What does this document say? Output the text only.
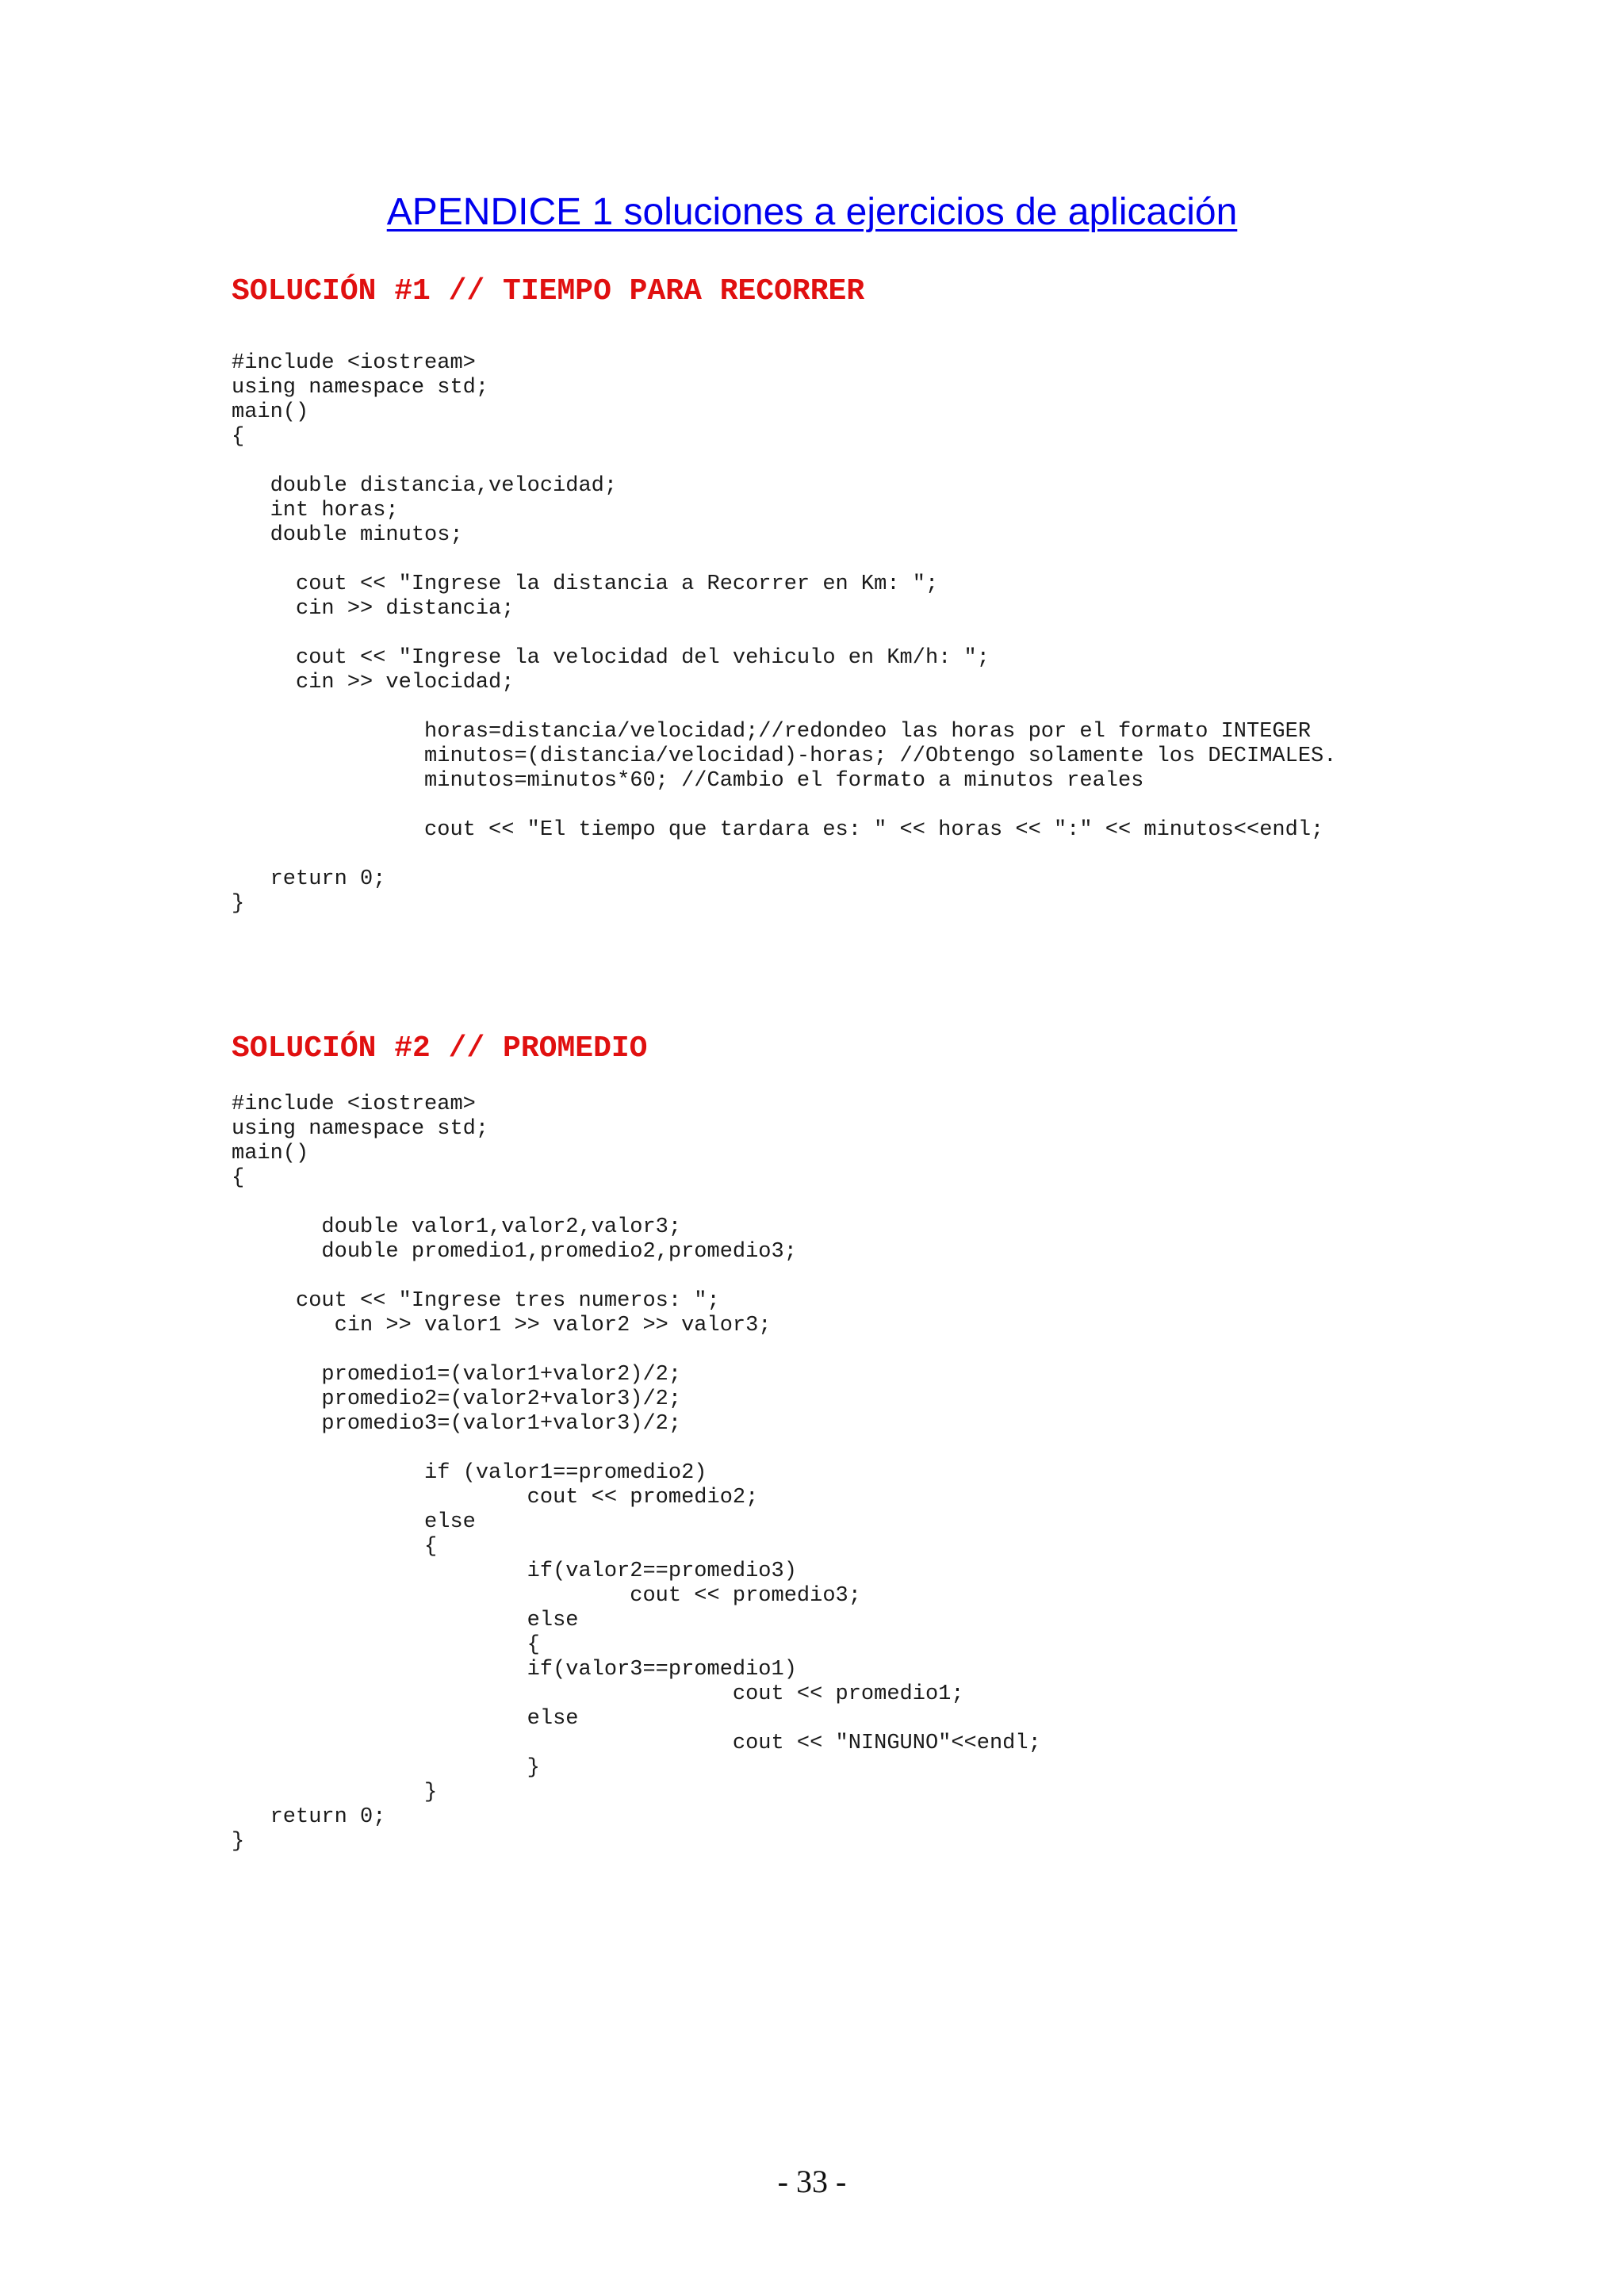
APENDICE 1 soluciones a ejercicios de aplicación
SOLUCIÓN #1 // TIEMPO PARA RECORRER
#include <iostream>
using namespace std;
main()
{
double distancia,velocidad;
int horas;
double minutos;
cout << "Ingrese la distancia a Recorrer en Km: ";
cin >> distancia;
cout << "Ingrese la velocidad del vehiculo en Km/h: ";
cin >> velocidad;
horas=distancia/velocidad;//redondeo las horas por el formato INTEGER
minutos=(distancia/velocidad)-horas; //Obtengo solamente los DECIMALES.
minutos=minutos*60; //Cambio el formato a minutos reales
cout << "El tiempo que tardara es: " << horas << ":" << minutos<<endl;
return 0;
}
SOLUCIÓN #2 // PROMEDIO
#include <iostream>
using namespace std;
main()
{
double valor1,valor2,valor3;
double promedio1,promedio2,promedio3;
cout << "Ingrese tres numeros: ";
cin >> valor1 >> valor2 >> valor3;
promedio1=(valor1+valor2)/2;
promedio2=(valor2+valor3)/2;
promedio3=(valor1+valor3)/2;
if (valor1==promedio2)
cout << promedio2;
else
{
if(valor2==promedio3)
cout << promedio3;
else
{
if(valor3==promedio1)
cout << promedio1;
else
cout << "NINGUNO"<<endl;
}
}
return 0;
}
- 33 -
